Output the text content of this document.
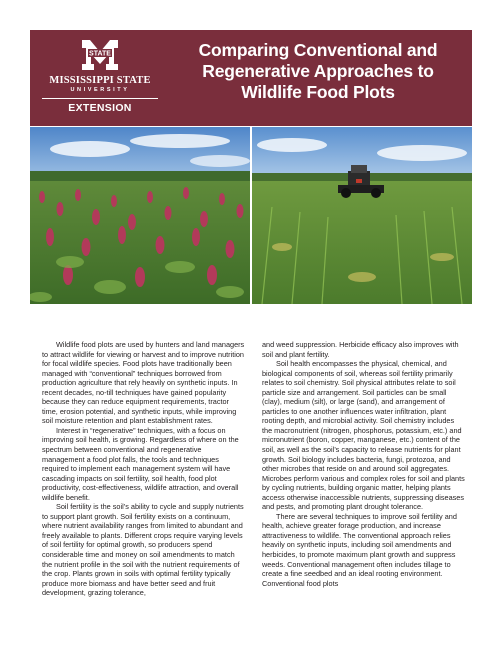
STATE
MISSISSIPPI STATE
UNIVERSITY
EXTENSION
Comparing Conventional and Regenerative Approaches to Wildlife Food Plots

Wildlife food plots are used by hunters and land managers to attract wildlife for viewing or harvest and to improve nutrition for focal wildlife species. Food plots have traditionally been managed with “conventional” techniques borrowed from production agriculture that rely heavily on synthetic inputs. In recent decades, no-till techniques have gained popularity because they can reduce equipment requirements, tractor time, erosion potential, and synthetic inputs, while improving soil moisture retention and plant establishment rates.

Interest in “regenerative” techniques, with a focus on improving soil health, is growing. Regardless of where on the spectrum between conventional and regenerative management a food plot falls, the tools and techniques required to implement each management system will have cascading impacts on soil fertility, soil health, food plot productivity, cost-effectiveness, wildlife attraction, and overall wildlife benefit.

Soil fertility is the soil’s ability to cycle and supply nutrients to support plant growth. Soil fertility exists on a continuum, where nutrient availability ranges from limited to abundant and freely available to plants. Different crops require varying levels of soil fertility for optimal growth, so producers spend considerable time and money on soil amendments to match the nutrient profile in the soil with the nutrient requirements of the crop. Plants grown in soils with optimal fertility typically produce more biomass and have better seed and fruit development, grazing tolerance,

and weed suppression. Herbicide efficacy also improves with soil and plant fertility.

Soil health encompasses the physical, chemical, and biological components of soil, whereas soil fertility primarily relates to soil chemistry. Soil physical attributes relate to soil particle size and arrangement. Soil particles can be small (clay), medium (silt), or large (sand), and arrangement of particles to one another influences water infiltration, plant rooting depth, and microbial activity. Soil chemistry includes the macronutrient (nitrogen, phosphorus, potassium, etc.) and micronutrient (boron, copper, manganese, etc.) content of the soil, as well as the soil’s capacity to release nutrients for plant growth. Soil biology includes bacteria, fungi, protozoa, and other microbes that reside on and around soil aggregates. Microbes perform various and complex roles for soil and plants by cycling nutrients, building organic matter, helping plants access otherwise inaccessible nutrients, suppressing diseases and pests, and promoting plant drought tolerance.

There are several techniques to improve soil fertility and health, achieve greater forage production, and increase attractiveness to wildlife. The conventional approach relies heavily on synthetic inputs, including soil amendments and herbicides, to promote maximum plant growth and suppress weeds. Conventional management often includes tillage to create a fine seedbed and an ideal rooting environment. Conventional food plots
